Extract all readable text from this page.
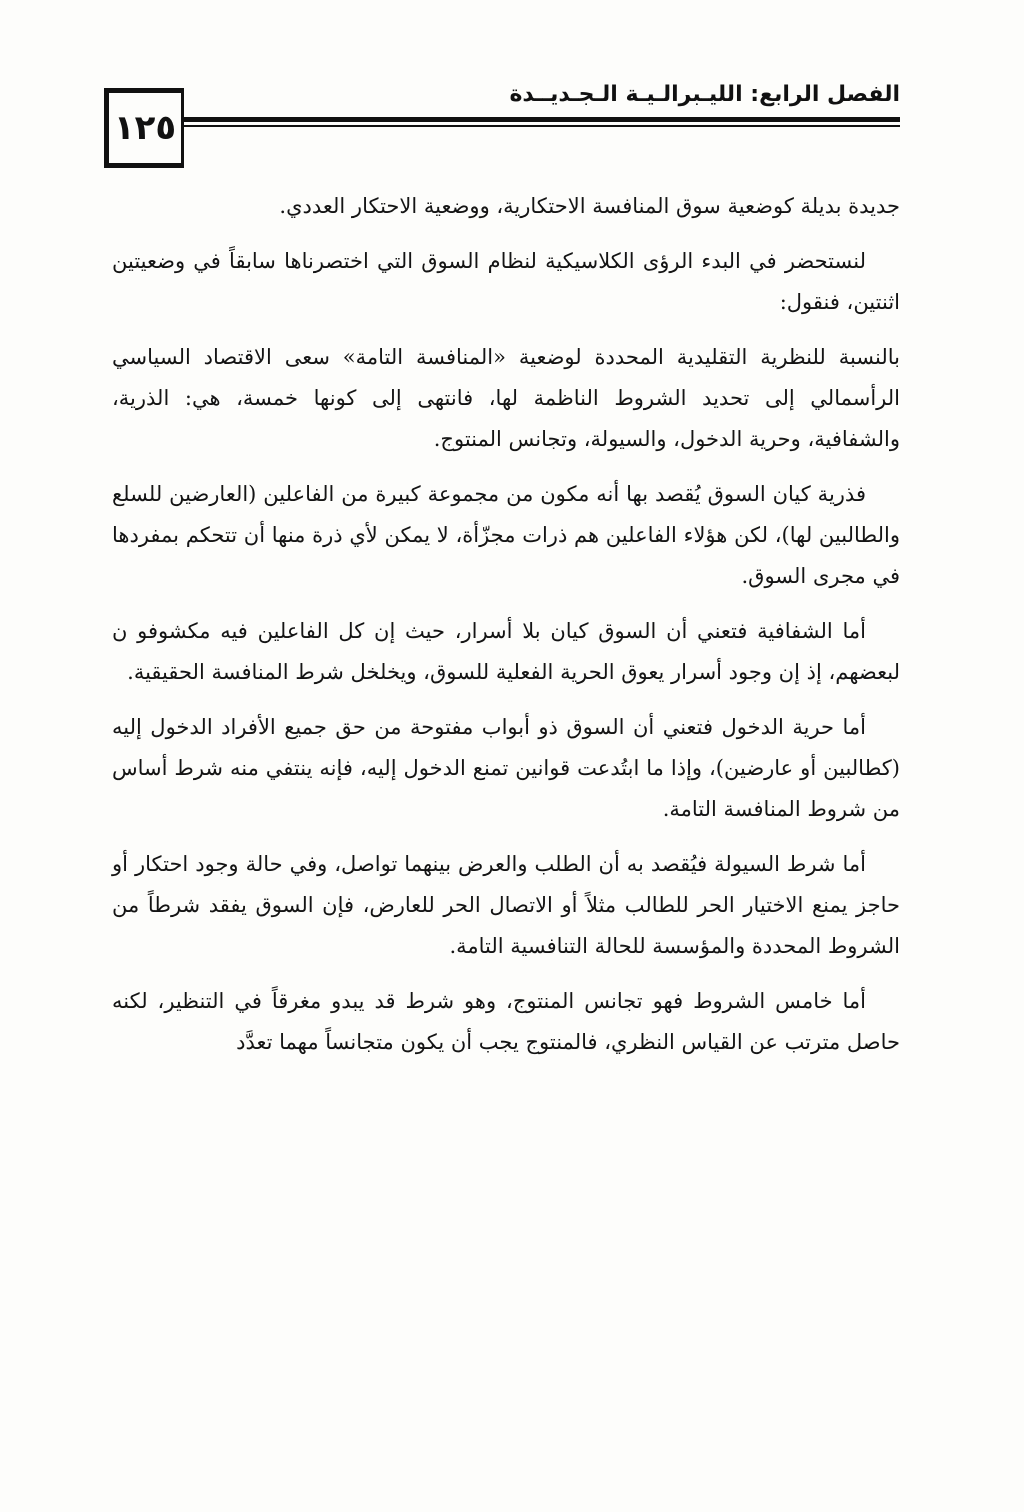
١٢٥
الفصل الرابع: الليـبرالـيـة الـجـديــدة

جديدة بديلة كوضعية سوق المنافسة الاحتكارية، ووضعية الاحتكار العددي.

لنستحضر في البدء الرؤى الكلاسيكية لنظام السوق التي اختصرناها سابقاً في وضعيتين اثنتين، فنقول:

بالنسبة للنظرية التقليدية المحددة لوضعية «المنافسة التامة» سعى الاقتصاد السياسي الرأسمالي إلى تحديد الشروط الناظمة لها، فانتهى إلى كونها خمسة، هي: الذرية، والشفافية، وحرية الدخول، والسيولة، وتجانس المنتوج.

فذرية كيان السوق يُقصد بها أنه مكون من مجموعة كبيرة من الفاعلين (العارضين للسلع والطالبين لها)، لكن هؤلاء الفاعلين هم ذرات مجزّأة، لا يمكن لأي ذرة منها أن تتحكم بمفردها في مجرى السوق.

أما الشفافية فتعني أن السوق كيان بلا أسرار، حيث إن كل الفاعلين فيه مكشوفو ن لبعضهم، إذ إن وجود أسرار يعوق الحرية الفعلية للسوق، ويخلخل شرط المنافسة الحقيقية.

أما حرية الدخول فتعني أن السوق ذو أبواب مفتوحة من حق جميع الأفراد الدخول إليه (كطالبين أو عارضين)، وإذا ما ابتُدعت قوانين تمنع الدخول إليه، فإنه ينتفي منه شرط أساس من شروط المنافسة التامة.

أما شرط السيولة فيُقصد به أن الطلب والعرض بينهما تواصل، وفي حالة وجود احتكار أو حاجز يمنع الاختيار الحر للطالب مثلاً أو الاتصال الحر للعارض، فإن السوق يفقد شرطاً من الشروط المحددة والمؤسسة للحالة التنافسية التامة.

أما خامس الشروط فهو تجانس المنتوج، وهو شرط قد يبدو مغرقاً في التنظير، لكنه حاصل مترتب عن القياس النظري، فالمنتوج يجب أن يكون متجانساً مهما تعدَّد
